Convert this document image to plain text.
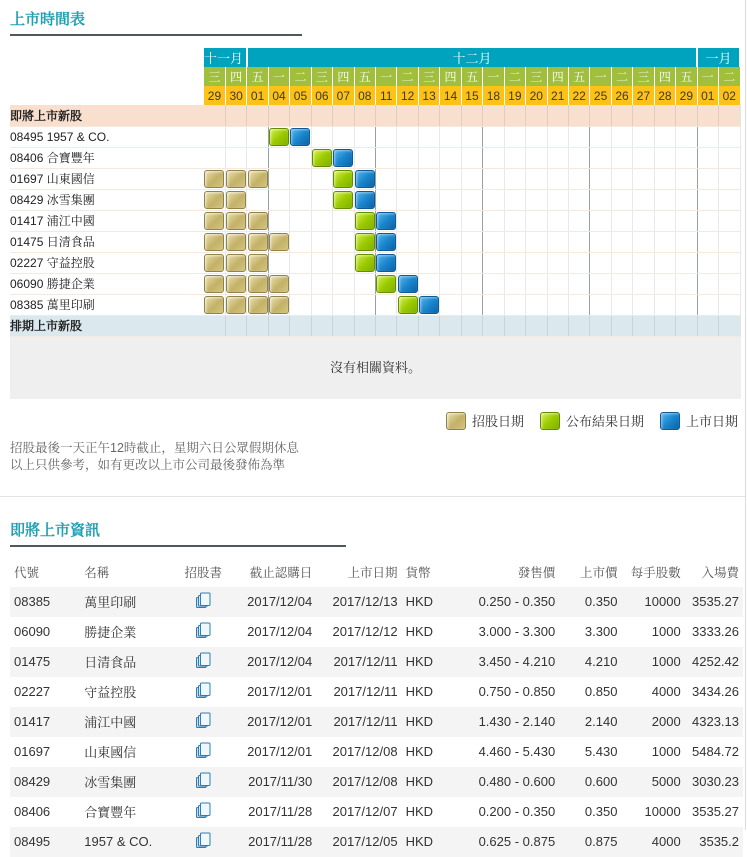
上市時間表
	十一月		十二月																					一月	
	三	四	五	一	二	三	四	五	一	二	三	四	五	一	二	三	四	五	一	二	三	四	五	一	二
	29	30	01	04	05	06	07	08	11	12	13	14	15	18	19	20	21	22	25	26	27	28	29	01	02
即將上市新股																									
08495 1957 & CO.				

08406 合寶豐年						

01697 山東國信	

08429 冰雪集團	

01417 浦江中國	

01475 日清食品	

02227 守益控股	

06090 勝捷企業	

08385 萬里印刷	

排期上市新股																									
沒有相關資料。
招股日期	公布結果日期	上市日期

招股最後一天正午12時截止，星期六日公眾假期休息

以上只供參考，如有更改以上市公司最後發佈為準

即將上市資訊
代號	名稱	招股書	截止認購日	上市日期	貨幣	發售價	上市價	每手股數	入場費
08385	萬里印刷		2017/12/04	2017/12/13	HKD	0.250 - 0.350	0.350	10000	3535.27
06090	勝捷企業		2017/12/04	2017/12/12	HKD	3.000 - 3.300	3.300	1000	3333.26
01475	日清食品		2017/12/04	2017/12/11	HKD	3.450 - 4.210	4.210	1000	4252.42
02227	守益控股		2017/12/01	2017/12/11	HKD	0.750 - 0.850	0.850	4000	3434.26
01417	浦江中國		2017/12/01	2017/12/11	HKD	1.430 - 2.140	2.140	2000	4323.13
01697	山東國信		2017/12/01	2017/12/08	HKD	4.460 - 5.430	5.430	1000	5484.72
08429	冰雪集團		2017/11/30	2017/12/08	HKD	0.480 - 0.600	0.600	5000	3030.23
08406	合寶豐年		2017/11/28	2017/12/07	HKD	0.200 - 0.350	0.350	10000	3535.27
08495	1957 & CO.		2017/11/28	2017/12/05	HKD	0.625 - 0.875	0.875	4000	3535.2
